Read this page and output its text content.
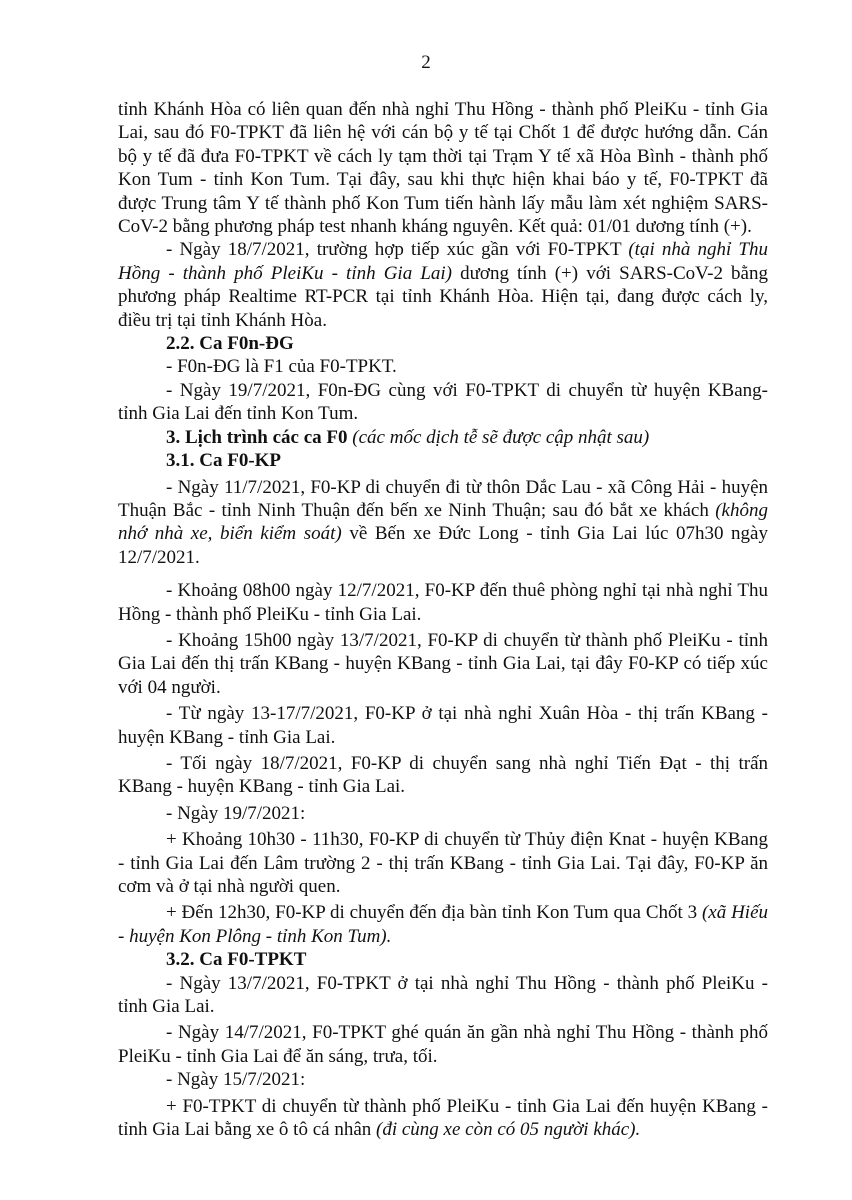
2

tỉnh Khánh Hòa có liên quan đến nhà nghỉ Thu Hồng - thành phố PleiKu - tỉnh Gia Lai, sau đó F0-TPKT đã liên hệ với cán bộ y tế tại Chốt 1 để được hướng dẫn. Cán bộ y tế đã đưa F0-TPKT về cách ly tạm thời tại Trạm Y tế xã Hòa Bình - thành phố Kon Tum - tỉnh Kon Tum. Tại đây, sau khi thực hiện khai báo y tế, F0-TPKT đã được Trung tâm Y tế thành phố Kon Tum tiến hành lấy mẫu làm xét nghiệm SARS-CoV-2 bằng phương pháp test nhanh kháng nguyên. Kết quả: 01/01 dương tính (+).

- Ngày 18/7/2021, trường hợp tiếp xúc gần với F0-TPKT (tại nhà nghỉ Thu Hồng - thành phố PleiKu - tỉnh Gia Lai) dương tính (+) với SARS-CoV-2 bằng phương pháp Realtime RT-PCR tại tỉnh Khánh Hòa. Hiện tại, đang được cách ly, điều trị tại tỉnh Khánh Hòa.

2.2. Ca F0n-ĐG

- F0n-ĐG là F1 của F0-TPKT.

- Ngày 19/7/2021, F0n-ĐG cùng với F0-TPKT di chuyển từ huyện KBang- tỉnh Gia Lai đến tỉnh Kon Tum.

3. Lịch trình các ca F0 (các mốc dịch tễ sẽ được cập nhật sau)

3.1. Ca F0-KP

- Ngày 11/7/2021, F0-KP di chuyển đi từ thôn Dắc Lau - xã Công Hải - huyện Thuận Bắc - tỉnh Ninh Thuận đến bến xe Ninh Thuận; sau đó bắt xe khách (không nhớ nhà xe, biển kiểm soát) về Bến xe Đức Long - tỉnh Gia Lai lúc 07h30 ngày 12/7/2021.

- Khoảng 08h00 ngày 12/7/2021, F0-KP đến thuê phòng nghỉ tại nhà nghỉ Thu Hồng - thành phố PleiKu - tỉnh Gia Lai.

- Khoảng 15h00 ngày 13/7/2021, F0-KP di chuyển từ thành phố PleiKu - tỉnh Gia Lai đến thị trấn KBang - huyện KBang - tỉnh Gia Lai, tại đây F0-KP có tiếp xúc với 04 người.

- Từ ngày 13-17/7/2021, F0-KP ở tại nhà nghỉ Xuân Hòa - thị trấn KBang - huyện KBang - tỉnh Gia Lai.

- Tối ngày 18/7/2021, F0-KP di chuyển sang nhà nghỉ Tiến Đạt - thị trấn KBang - huyện KBang - tỉnh Gia Lai.

- Ngày 19/7/2021:

+ Khoảng 10h30 - 11h30, F0-KP di chuyển từ Thủy điện Knat - huyện KBang - tỉnh Gia Lai đến Lâm trường 2 - thị trấn KBang - tỉnh Gia Lai. Tại đây, F0-KP ăn cơm và ở tại nhà người quen.

+ Đến 12h30, F0-KP di chuyển đến địa bàn tỉnh Kon Tum qua Chốt 3 (xã Hiếu - huyện Kon Plông - tỉnh Kon Tum).

3.2. Ca F0-TPKT

- Ngày 13/7/2021, F0-TPKT ở tại nhà nghỉ Thu Hồng - thành phố PleiKu - tỉnh Gia Lai.

- Ngày 14/7/2021, F0-TPKT ghé quán ăn gần nhà nghỉ Thu Hồng - thành phố PleiKu - tỉnh Gia Lai để ăn sáng, trưa, tối.

- Ngày 15/7/2021:

+ F0-TPKT di chuyển từ thành phố PleiKu - tỉnh Gia Lai đến huyện KBang - tỉnh Gia Lai bằng xe ô tô cá nhân (đi cùng xe còn có 05 người khác).
